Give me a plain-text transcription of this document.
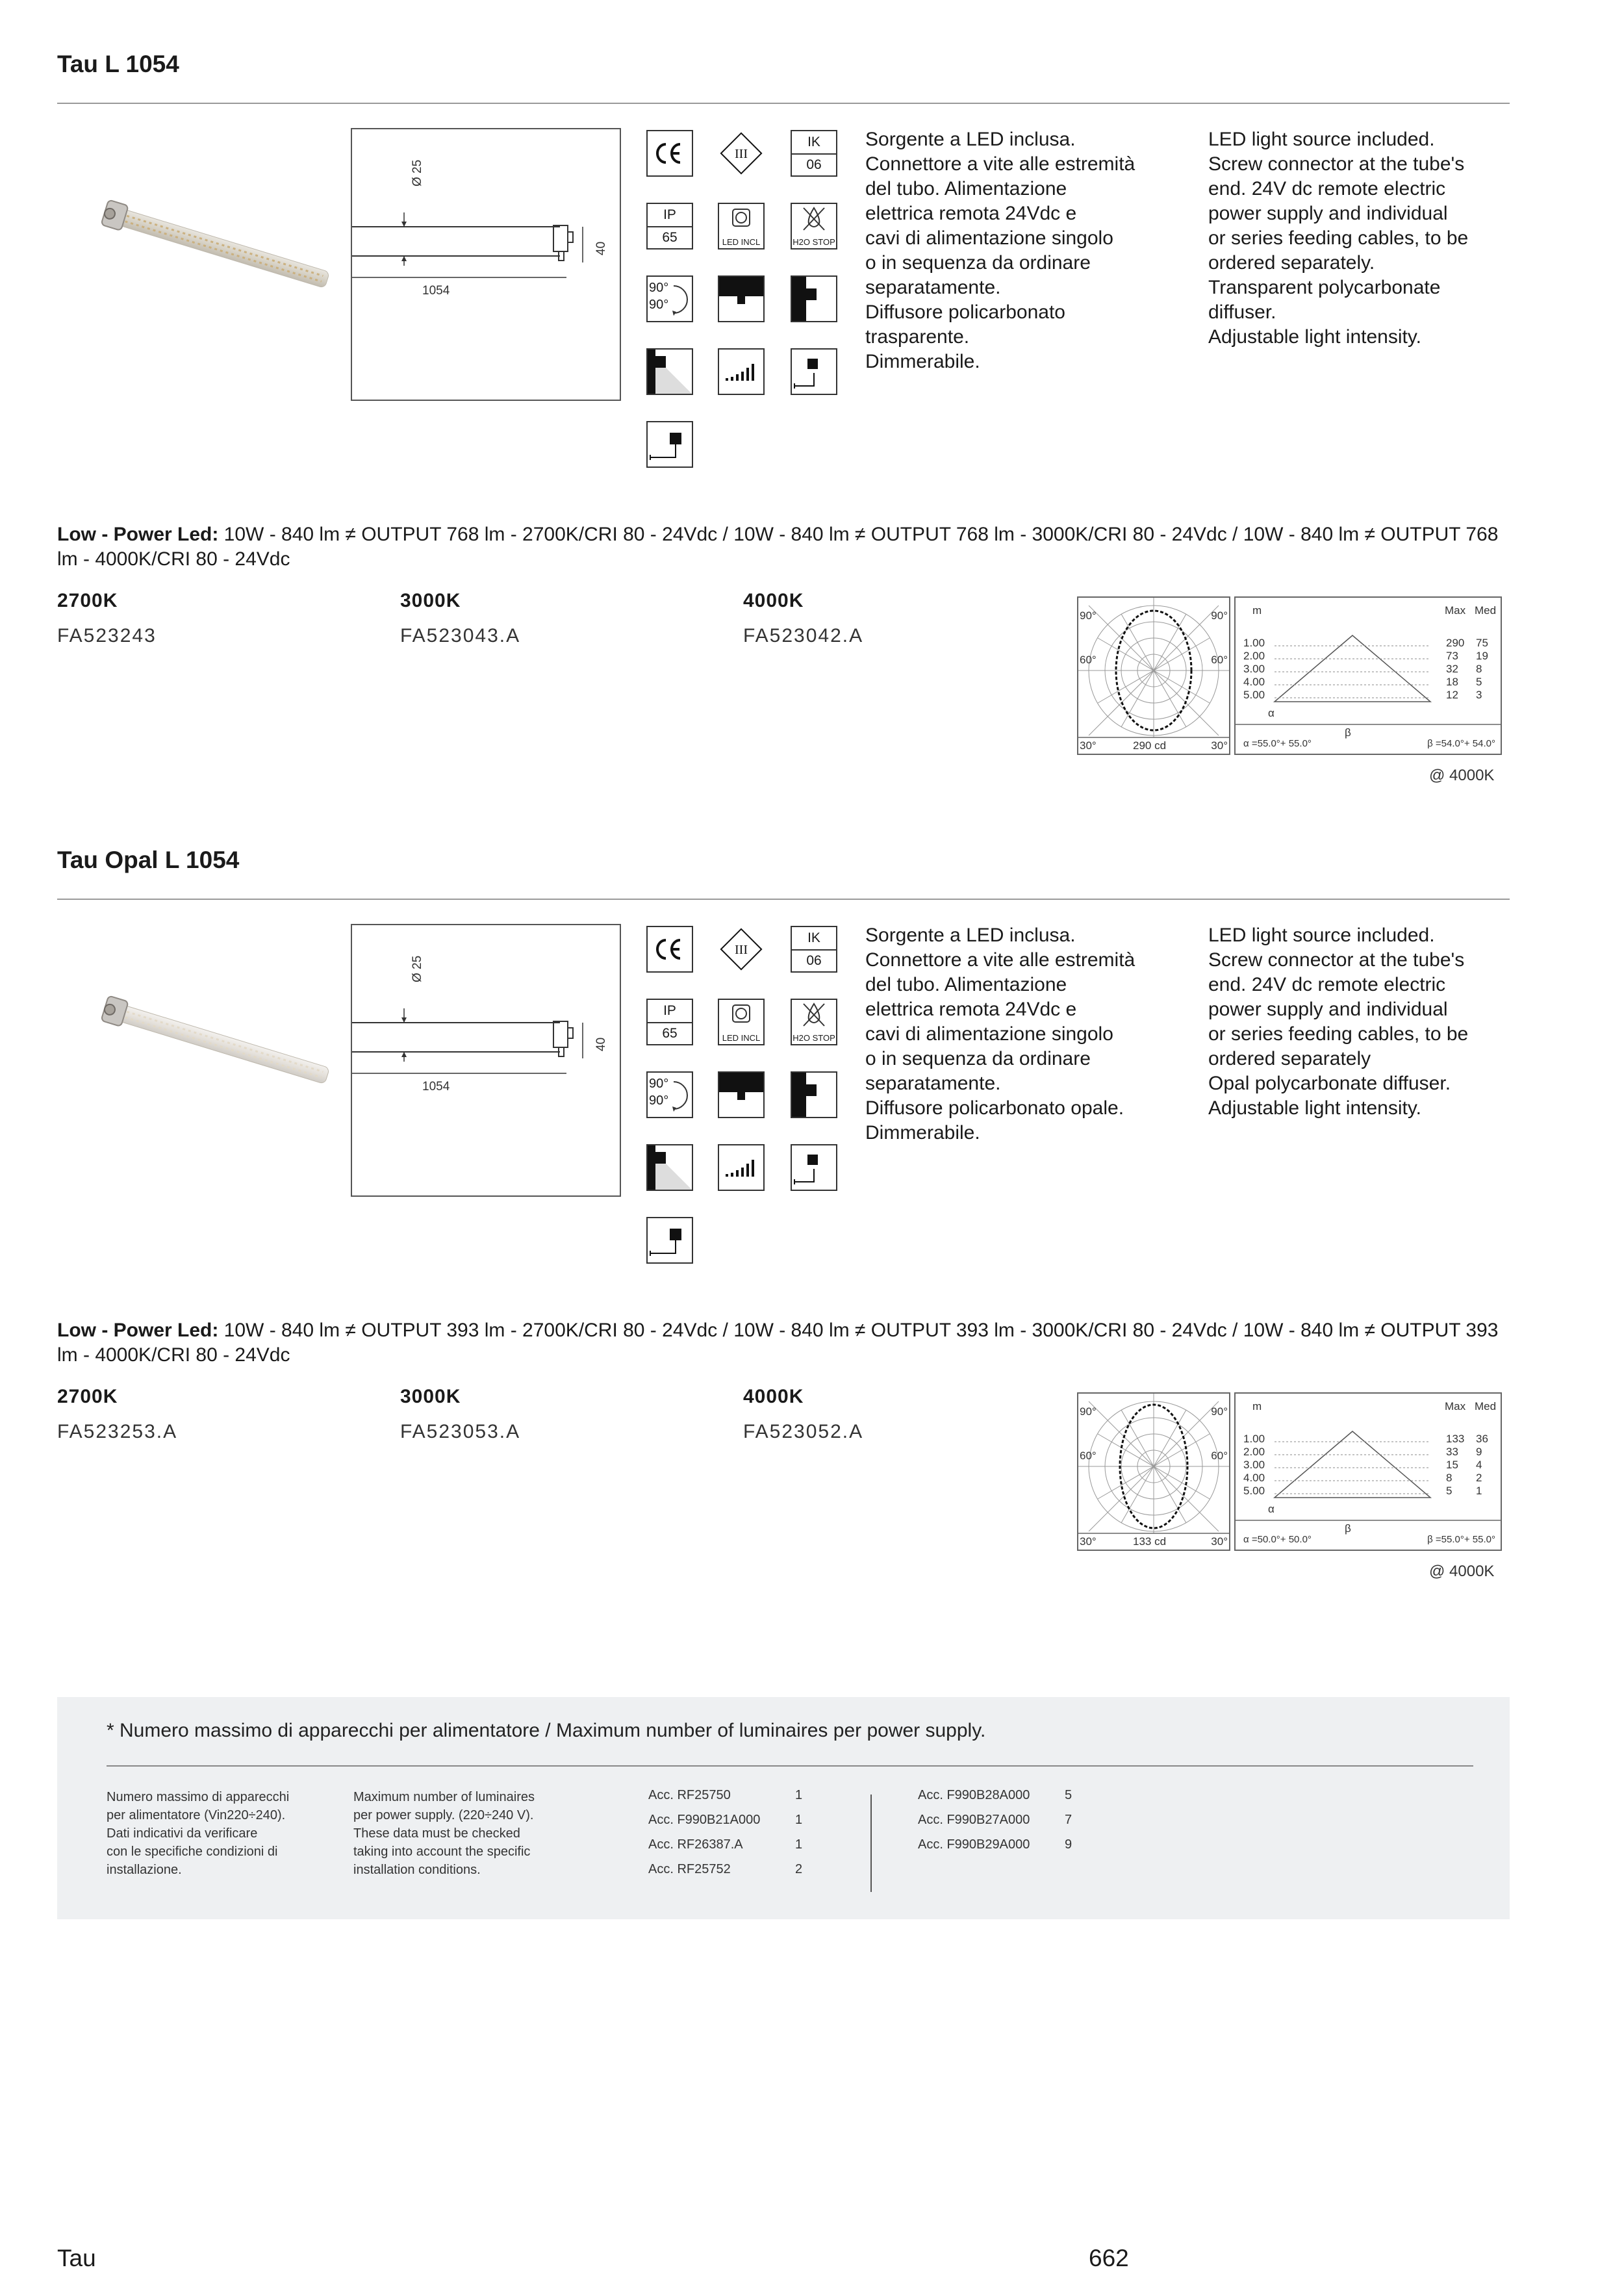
Tau L 1054
Ø 25
40
1054
III
IK
06
IP
65	LED INCL	H2O STOP
90°
90°
Sorgente a LED inclusa.
Connettore a vite alle estremità
del tubo. Alimentazione
elettrica remota 24Vdc e
cavi di alimentazione singolo
o in sequenza da ordinare
separatamente.
Diffusore policarbonato
trasparente.
Dimmerabile.
LED light source included.
Screw connector at the tube's
end. 24V dc remote electric
power supply and individual
or series feeding cables, to be
ordered separately.
Transparent polycarbonate
diffuser.
Adjustable light intensity.
Low - Power Led: 10W - 840 lm ≠ OUTPUT 768 lm - 2700K/CRI 80 - 24Vdc / 10W - 840 lm ≠ OUTPUT 768 lm - 3000K/CRI 80 - 24Vdc / 10W - 840 lm ≠ OUTPUT 768 lm - 4000K/CRI 80 - 24Vdc
2700K
FA523243
3000K
FA523043.A
4000K
FA523042.A
90°	90°
60°	60°
30°	30°
290 cd
m	Max Med
1.00	290 75
2.00	73 19
3.00	32 8
4.00	18 5
5.00	12 3
α
β
α =55.0°+ 55.0°	β =54.0°+ 54.0°
@ 4000K
Tau Opal L 1054
Ø 25
40
1054
III
IK
06
IP
65	LED INCL	H2O STOP
90°
90°
Sorgente a LED inclusa.
Connettore a vite alle estremità
del tubo. Alimentazione
elettrica remota 24Vdc e
cavi di alimentazione singolo
o in sequenza da ordinare
separatamente.
Diffusore policarbonato opale.
Dimmerabile.
LED light source included.
Screw connector at the tube's
end. 24V dc remote electric
power supply and individual
or series feeding cables, to be
ordered separately
Opal polycarbonate diffuser.
Adjustable light intensity.
Low - Power Led: 10W - 840 lm ≠ OUTPUT 393 lm - 2700K/CRI 80 - 24Vdc / 10W - 840 lm ≠ OUTPUT 393 lm - 3000K/CRI 80 - 24Vdc / 10W - 840 lm ≠ OUTPUT 393 lm - 4000K/CRI 80 - 24Vdc
2700K
FA523253.A
3000K
FA523053.A
4000K
FA523052.A
90°	90°
60°	60°
30°	30°
133 cd
m	Max Med
1.00	133 36
2.00	33 9
3.00	15 4
4.00	8 2
5.00	5 1
α
β
α =50.0°+ 50.0°	β =55.0°+ 55.0°
@ 4000K
* Numero massimo di apparecchi per alimentatore / Maximum number of luminaires per power supply.
Numero massimo di apparecchi
per alimentatore (Vin220÷240).
Dati indicativi da verificare
con le specifiche condizioni di
installazione.
Maximum number of luminaires
per power supply. (220÷240 V).
These data must be checked
taking into account the specific
installation conditions.
Acc. RF25750	1
Acc. F990B21A000	1
Acc. RF26387.A	1
Acc. RF25752	2
Acc. F990B28A000	5
Acc. F990B27A000	7
Acc. F990B29A000	9
Tau	662
